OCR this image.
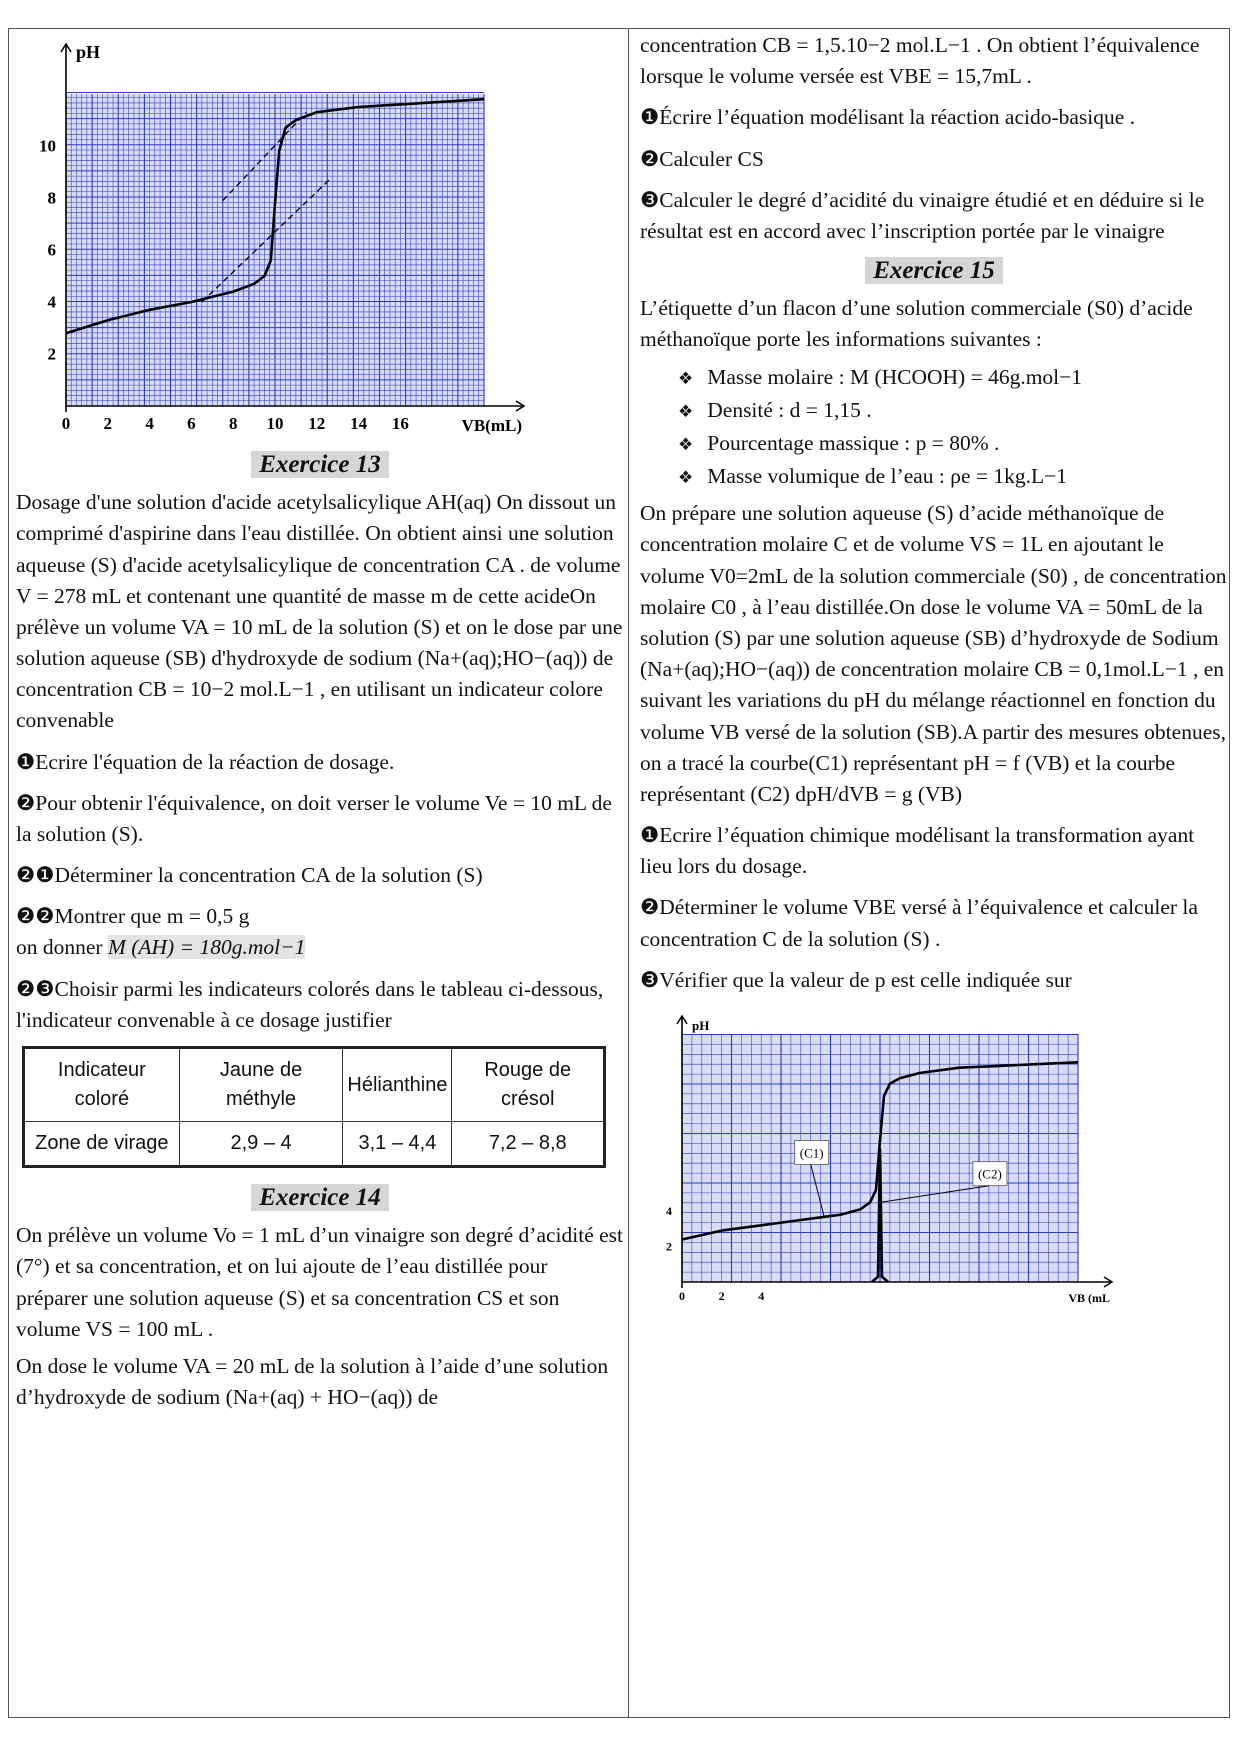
0 2 4 6 8 10 12 14 16
2
4
6
8
10
pH
VB(mL)
Exercice 13

Dosage d'une solution d'acide acetylsalicylique AH(aq) On dissout un comprimé d'aspirine dans l'eau distillée. On obtient ainsi une solution aqueuse (S) d'acide acetylsalicylique de concentration CA . de volume V = 278 mL et contenant une quantité de masse m de cette acideOn prélève un volume VA = 10 mL de la solution (S) et on le dose par une solution aqueuse (SB) d'hydroxyde de sodium (Na+(aq);HO−(aq)) de concentration CB = 10−2 mol.L−1 , en utilisant un indicateur colore convenable

❶Ecrire l'équation de la réaction de dosage.

❷Pour obtenir l'équivalence, on doit verser le volume Ve = 10 mL de la solution (S).

❷❶Déterminer la concentration CA de la solution (S)

❷❷Montrer que m = 0,5 g

on donner M (AH) = 180g.mol−1

❷❸Choisir parmi les indicateurs colorés dans le tableau ci-dessous, l'indicateur convenable à ce dosage justifier

Indicateur coloré	Jaune de méthyle	Hélianthine	Rouge de crésol
Zone de virage	2,9 – 4	3,1 – 4,4	7,2 – 8,8
Exercice 14

On prélève un volume Vo = 1 mL d’un vinaigre son degré d’acidité est (7°) et sa concentration, et on lui ajoute de l’eau distillée pour préparer une solution aqueuse (S) et sa concentration CS et son volume VS = 100 mL .

On dose le volume VA = 20 mL de la solution à l’aide d’une solution d’hydroxyde de sodium (Na+(aq) + HO−(aq)) de

concentration CB = 1,5.10−2 mol.L−1 . On obtient l’équivalence lorsque le volume versée est VBE = 15,7mL .

❶Écrire l’équation modélisant la réaction acido-basique .

❷Calculer CS

❸Calculer le degré d’acidité du vinaigre étudié et en déduire si le résultat est en accord avec l’inscription portée par le vinaigre

Exercice 15

L’étiquette d’un flacon d’une solution commerciale (S0) d’acide méthanoïque porte les informations suivantes :

❖ Masse molaire : M (HCOOH) = 46g.mol−1
❖ Densité : d = 1,15 .
❖ Pourcentage massique : p = 80% .
❖ Masse volumique de l’eau : ρe = 1kg.L−1

On prépare une solution aqueuse (S) d’acide méthanoïque de concentration molaire C et de volume VS = 1L en ajoutant le volume V0=2mL de la solution commerciale (S0) , de concentration molaire C0 , à l’eau distillée.On dose le volume VA = 50mL de la solution (S) par une solution aqueuse (SB) d’hydroxyde de Sodium (Na+(aq);HO−(aq)) de concentration molaire CB = 0,1mol.L−1 , en suivant les variations du pH du mélange réactionnel en fonction du volume VB versé de la solution (SB).A partir des mesures obtenues, on a tracé la courbe(C1) représentant pH = f (VB) et la courbe représentant (C2) dpH/dVB = g (VB)

❶Ecrire l’équation chimique modélisant la transformation ayant lieu lors du dosage.

❷Déterminer le volume VBE versé à l’équivalence et calculer la concentration C de la solution (S) .

❸Vérifier que la valeur de p est celle indiquée sur

0	2	4
2
4
pH
VB (mL
(C1)
(C2)
